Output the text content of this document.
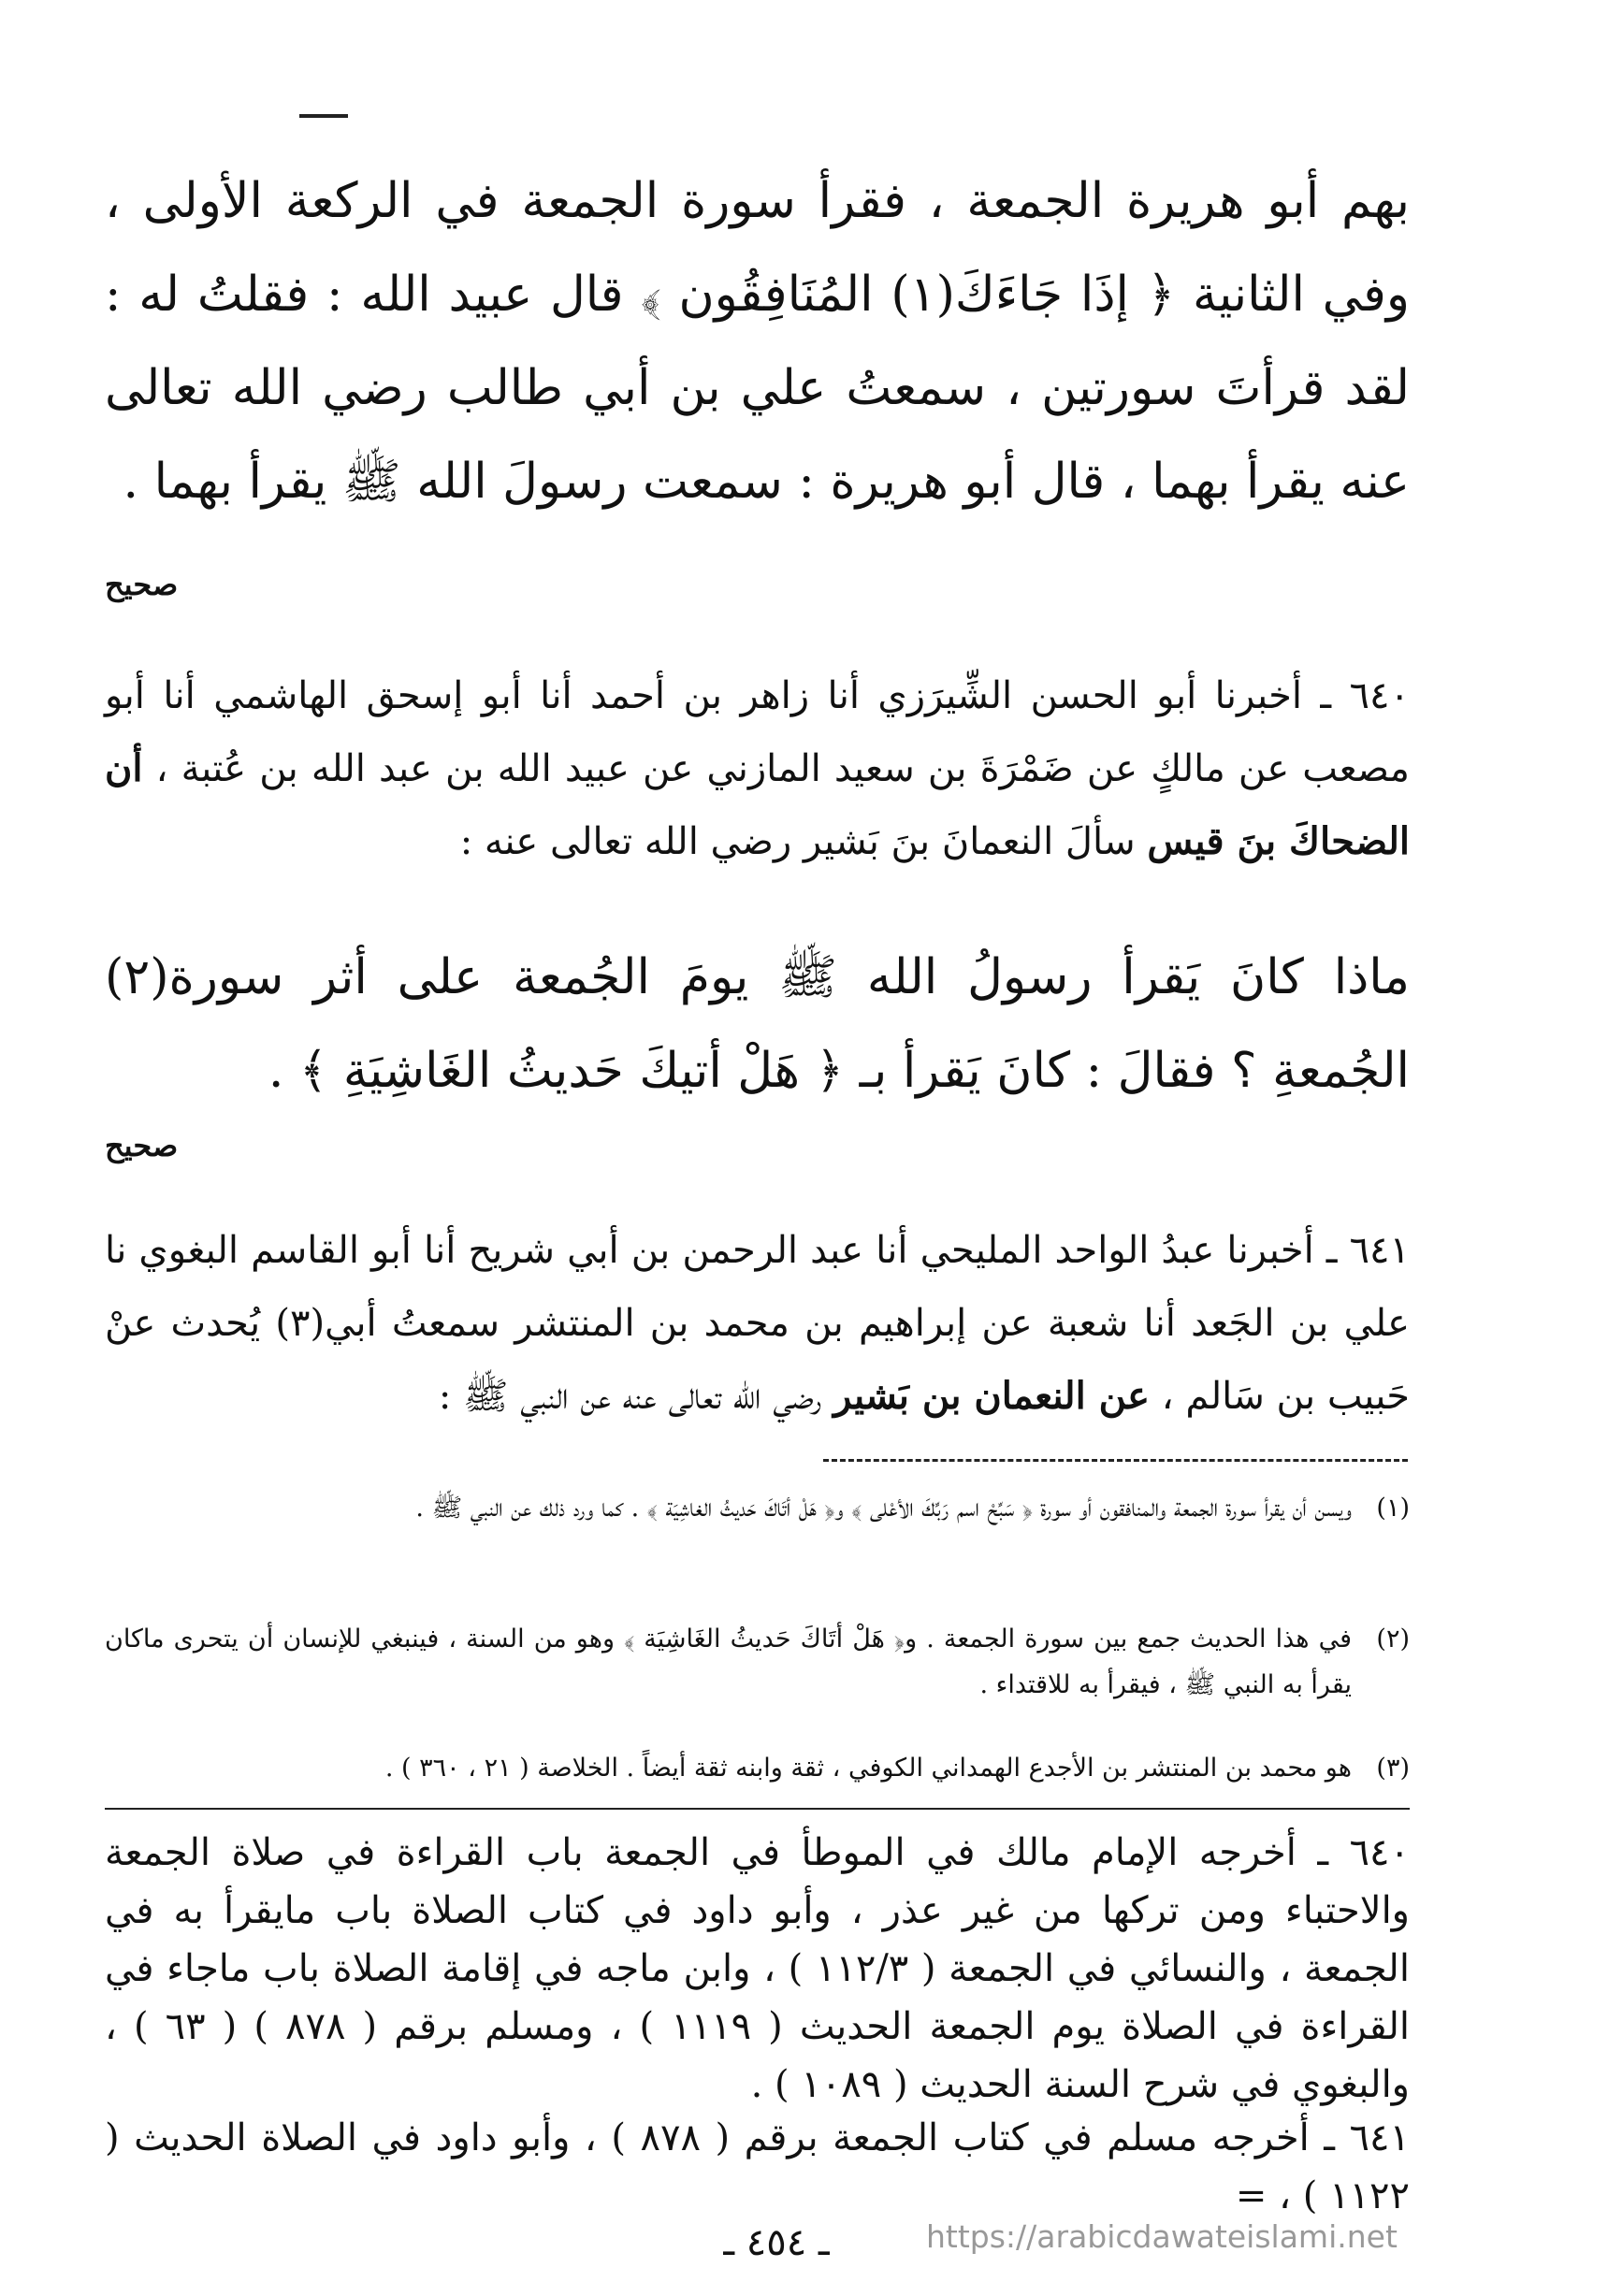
بهم أبو هريرة الجمعة ، فقرأ سورة الجمعة في الركعة الأولى ، وفي الثانية ﴿ إذَا جَاءَكَ(١) المُنَافِقُون ﴾ قال عبيد الله : فقلتُ له : لقد قرأتَ سورتين ، سمعتُ علي بن أبي طالب رضي الله تعالى عنه يقرأ بهما ، قال أبو هريرة : سمعت رسولَ الله ﷺ يقرأ بهما .
صحيح
٦٤٠ ـ أخبرنا أبو الحسن الشِّيرَزي أنا زاهر بن أحمد أنا أبو إسحق الهاشمي أنا أبو مصعب عن مالكٍ عن ضَمْرَةَ بن سعيد المازني عن عبيد الله بن عبد الله بن عُتبة ، أن الضحاكَ بنَ قيس سألَ النعمانَ بنَ بَشير رضي الله تعالى عنه :
ماذا كانَ يَقرأ رسولُ الله ﷺ يومَ الجُمعة على أثر سورة(٢) الجُمعةِ ؟ فقالَ : كانَ يَقرأ بـ ﴿ هَلْ أتيكَ حَديثُ الغَاشِيَةِ ﴾ .
صحيح
٦٤١ ـ أخبرنا عبدُ الواحد المليحي أنا عبد الرحمن بن أبي شريح أنا أبو القاسم البغوي نا علي بن الجَعد أنا شعبة عن إبراهيم بن محمد بن المنتشر سمعتُ أبي(٣) يُحدث عنْ حَبيب بن سَالم ، عن النعمان بن بَشير رضي الله تعالى عنه عن النبي ﷺ :
(١)
ويسن أن يقرأ سورة الجمعة والمنافقون أو سورة ﴿ سَبِّحْ اسم رَبِّكَ الأعْلى ﴾ و﴿ هَلْ أتَاكَ حَديثُ الغاشِيَة ﴾ . كما ورد ذلك عن النبي ﷺ .
(٢)
في هذا الحديث جمع بين سورة الجمعة . و﴿ هَلْ أتَاكَ حَديثُ الغَاشِيَة ﴾ وهو من السنة ، فينبغي للإنسان أن يتحرى ماكان يقرأ به النبي ﷺ ، فيقرأ به للاقتداء .
(٣)
هو محمد بن المنتشر بن الأجدع الهمداني الكوفي ، ثقة وابنه ثقة أيضاً . الخلاصة ( ٢١ ، ٣٦٠ ) .
٦٤٠ ـ أخرجه الإمام مالك في الموطأ في الجمعة باب القراءة في صلاة الجمعة والاحتباء ومن تركها من غير عذر ، وأبو داود في كتاب الصلاة باب مايقرأ به في الجمعة ، والنسائي في الجمعة ( ١١٢/٣ ) ، وابن ماجه في إقامة الصلاة باب ماجاء في القراءة في الصلاة يوم الجمعة الحديث ( ١١١٩ ) ، ومسلم برقم ( ٨٧٨ ) ( ٦٣ ) ، والبغوي في شرح السنة الحديث ( ١٠٨٩ ) .
٦٤١ ـ أخرجه مسلم في كتاب الجمعة برقم ( ٨٧٨ ) ، وأبو داود في الصلاة الحديث ( ١١٢٢ ) ، =
ـ ٤٥٤ ـ	https://arabicdawateislami.net
